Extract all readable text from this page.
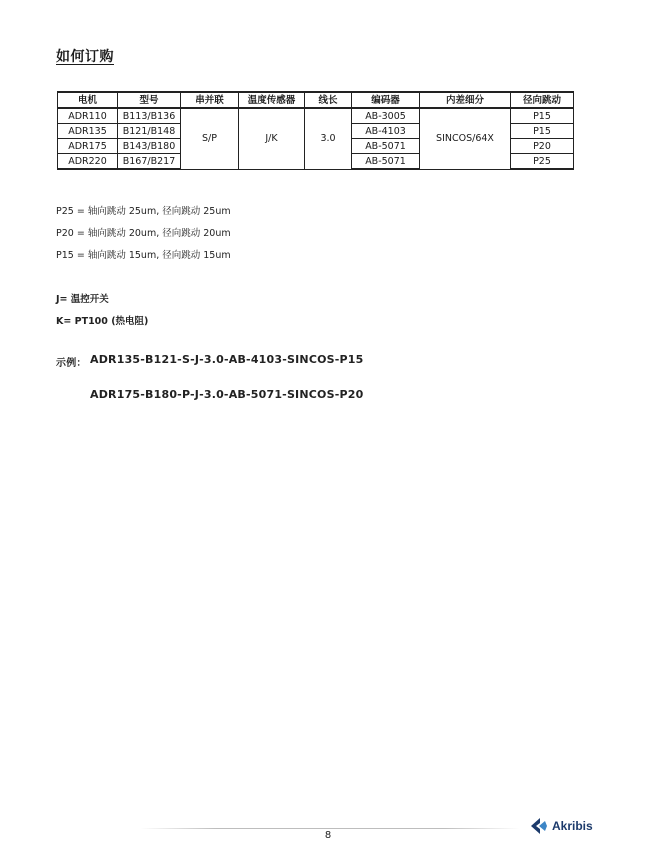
如何订购
电机	型号	串并联	温度传感器	线长	编码器	内差细分	径向跳动
ADR110	B113/B136	S/P	J/K	3.0	AB-3005	SINCOS/64X	P15
ADR135	B121/B148				AB-4103		P15
ADR175	B143/B180				AB-5071		P20
ADR220	B167/B217				AB-5071		P25
P25 = 轴向跳动 25um, 径向跳动 25um
P20 = 轴向跳动 20um, 径向跳动 20um
P15 = 轴向跳动 15um, 径向跳动 15um
J= 温控开关
K= PT100 (热电阻)
示例： ADR135-B121-S-J-3.0-AB-4103-SINCOS-P15
ADR175-B180-P-J-3.0-AB-5071-SINCOS-P20
8
Akribis
